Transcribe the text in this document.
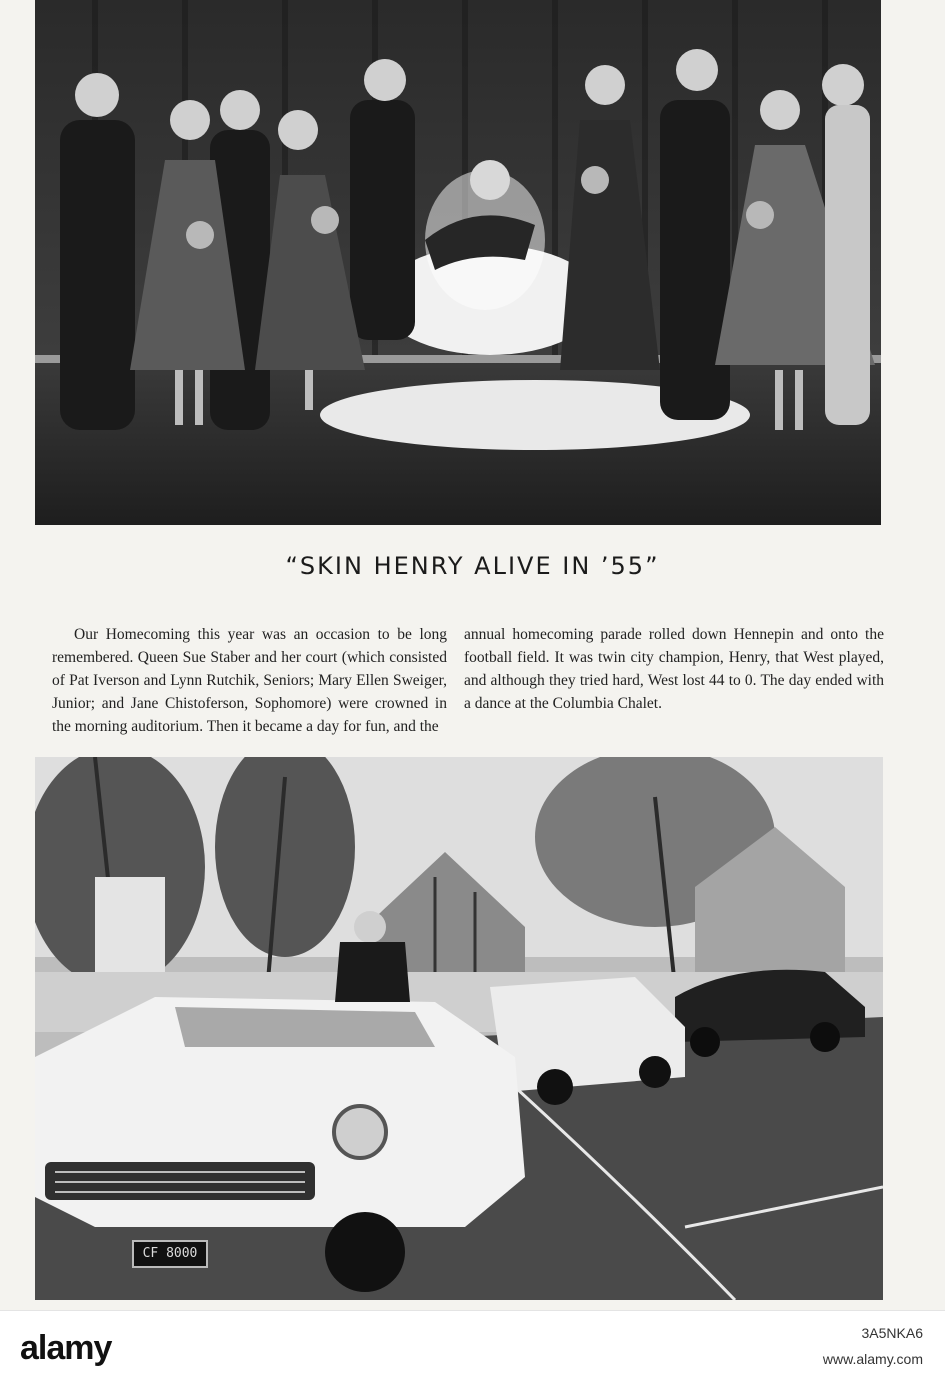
“SKIN HENRY ALIVE IN ’55”

Our Homecoming this year was an occasion to be long remembered. Queen Sue Staber and her court (which consisted of Pat Iverson and Lynn Rutchik, Seniors; Mary Ellen Sweiger, Junior; and Jane Chistoferson, Sophomore) were crowned in the morning auditorium. Then it became a day for fun, and the

annual homecoming parade rolled down Hennepin and onto the football field. It was twin city champion, Henry, that West played, and although they tried hard, West lost 44 to 0. The day ended with a dance at the Columbia Chalet.

CF 8000
alamy	3A5NKA6
www.alamy.com
